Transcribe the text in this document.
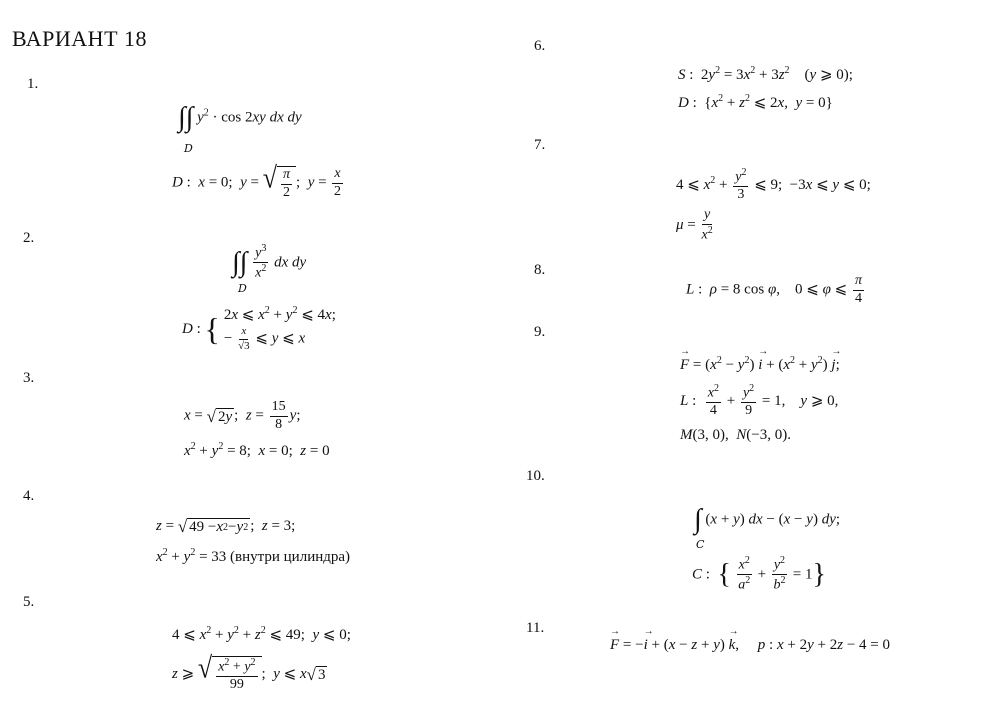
ВАРИАНТ 18
1.
2.
3.
4.
5.
6.
7.
8.
9.
10.
11.
∫∫ $y^2 \cdot \cos 2xy$ dx dy
D
D :  x = 0;  y = √ $\frac{\pi}{2}$ ;  $y = \frac{x}{2}$
∫∫ $\frac{y^3}{x^2}$ dx dy
D
D : { 2x ⩽ $x^2 + y^2$ ⩽ 4x;
− $\frac{x}{√3}$ ⩽ y ⩽ x
x = √ 2 y ;  $z = \frac{15}{8} y$;
$x^2 + y^2 = 8$;  x = 0;  z = 0
z = √ 49 − x 2 − y 2 ;  z = 3;
$x^2 + y^2 = 33$ (внутри цилиндра)
4 ⩽ $x^2 + y^2 + z^2$ ⩽ 49;  y ⩽ 0;
z ⩾ √ $\frac{x^2 + y^2}{99}$ ;  y ⩽ x √ 3
S :  $2y^2 = 3x^2 + 3z^2$    (y ⩾ 0);
D :  {$x^2 + z^2$ ⩽ 2x,  y = 0}
4 ⩽ $x^2 + \frac{y^2}{3}$ ⩽ 9;  −3x ⩽ y ⩽ 0;
$\mu = \frac{y}{x^2}$
L :  ρ = 8 cos φ,    0 ⩽ φ ⩽ $\frac{\pi}{4}$
→ $F = (x^2 - y^2) \to i + (x^2 + y^2) \to j$;
L : $\frac{x^2}{4} + \frac{y^2}{9} = 1$,    y ⩾ 0,
M(3, 0),  N(−3, 0).
∫ (x + y) dx − (x − y) dy;
C
C :  { $\frac{x^2}{a^2} + \frac{y^2}{b^2} = 1$}
→ F = −→ i + (x − z + y) → k,     p : x + 2y + 2z − 4 = 0
